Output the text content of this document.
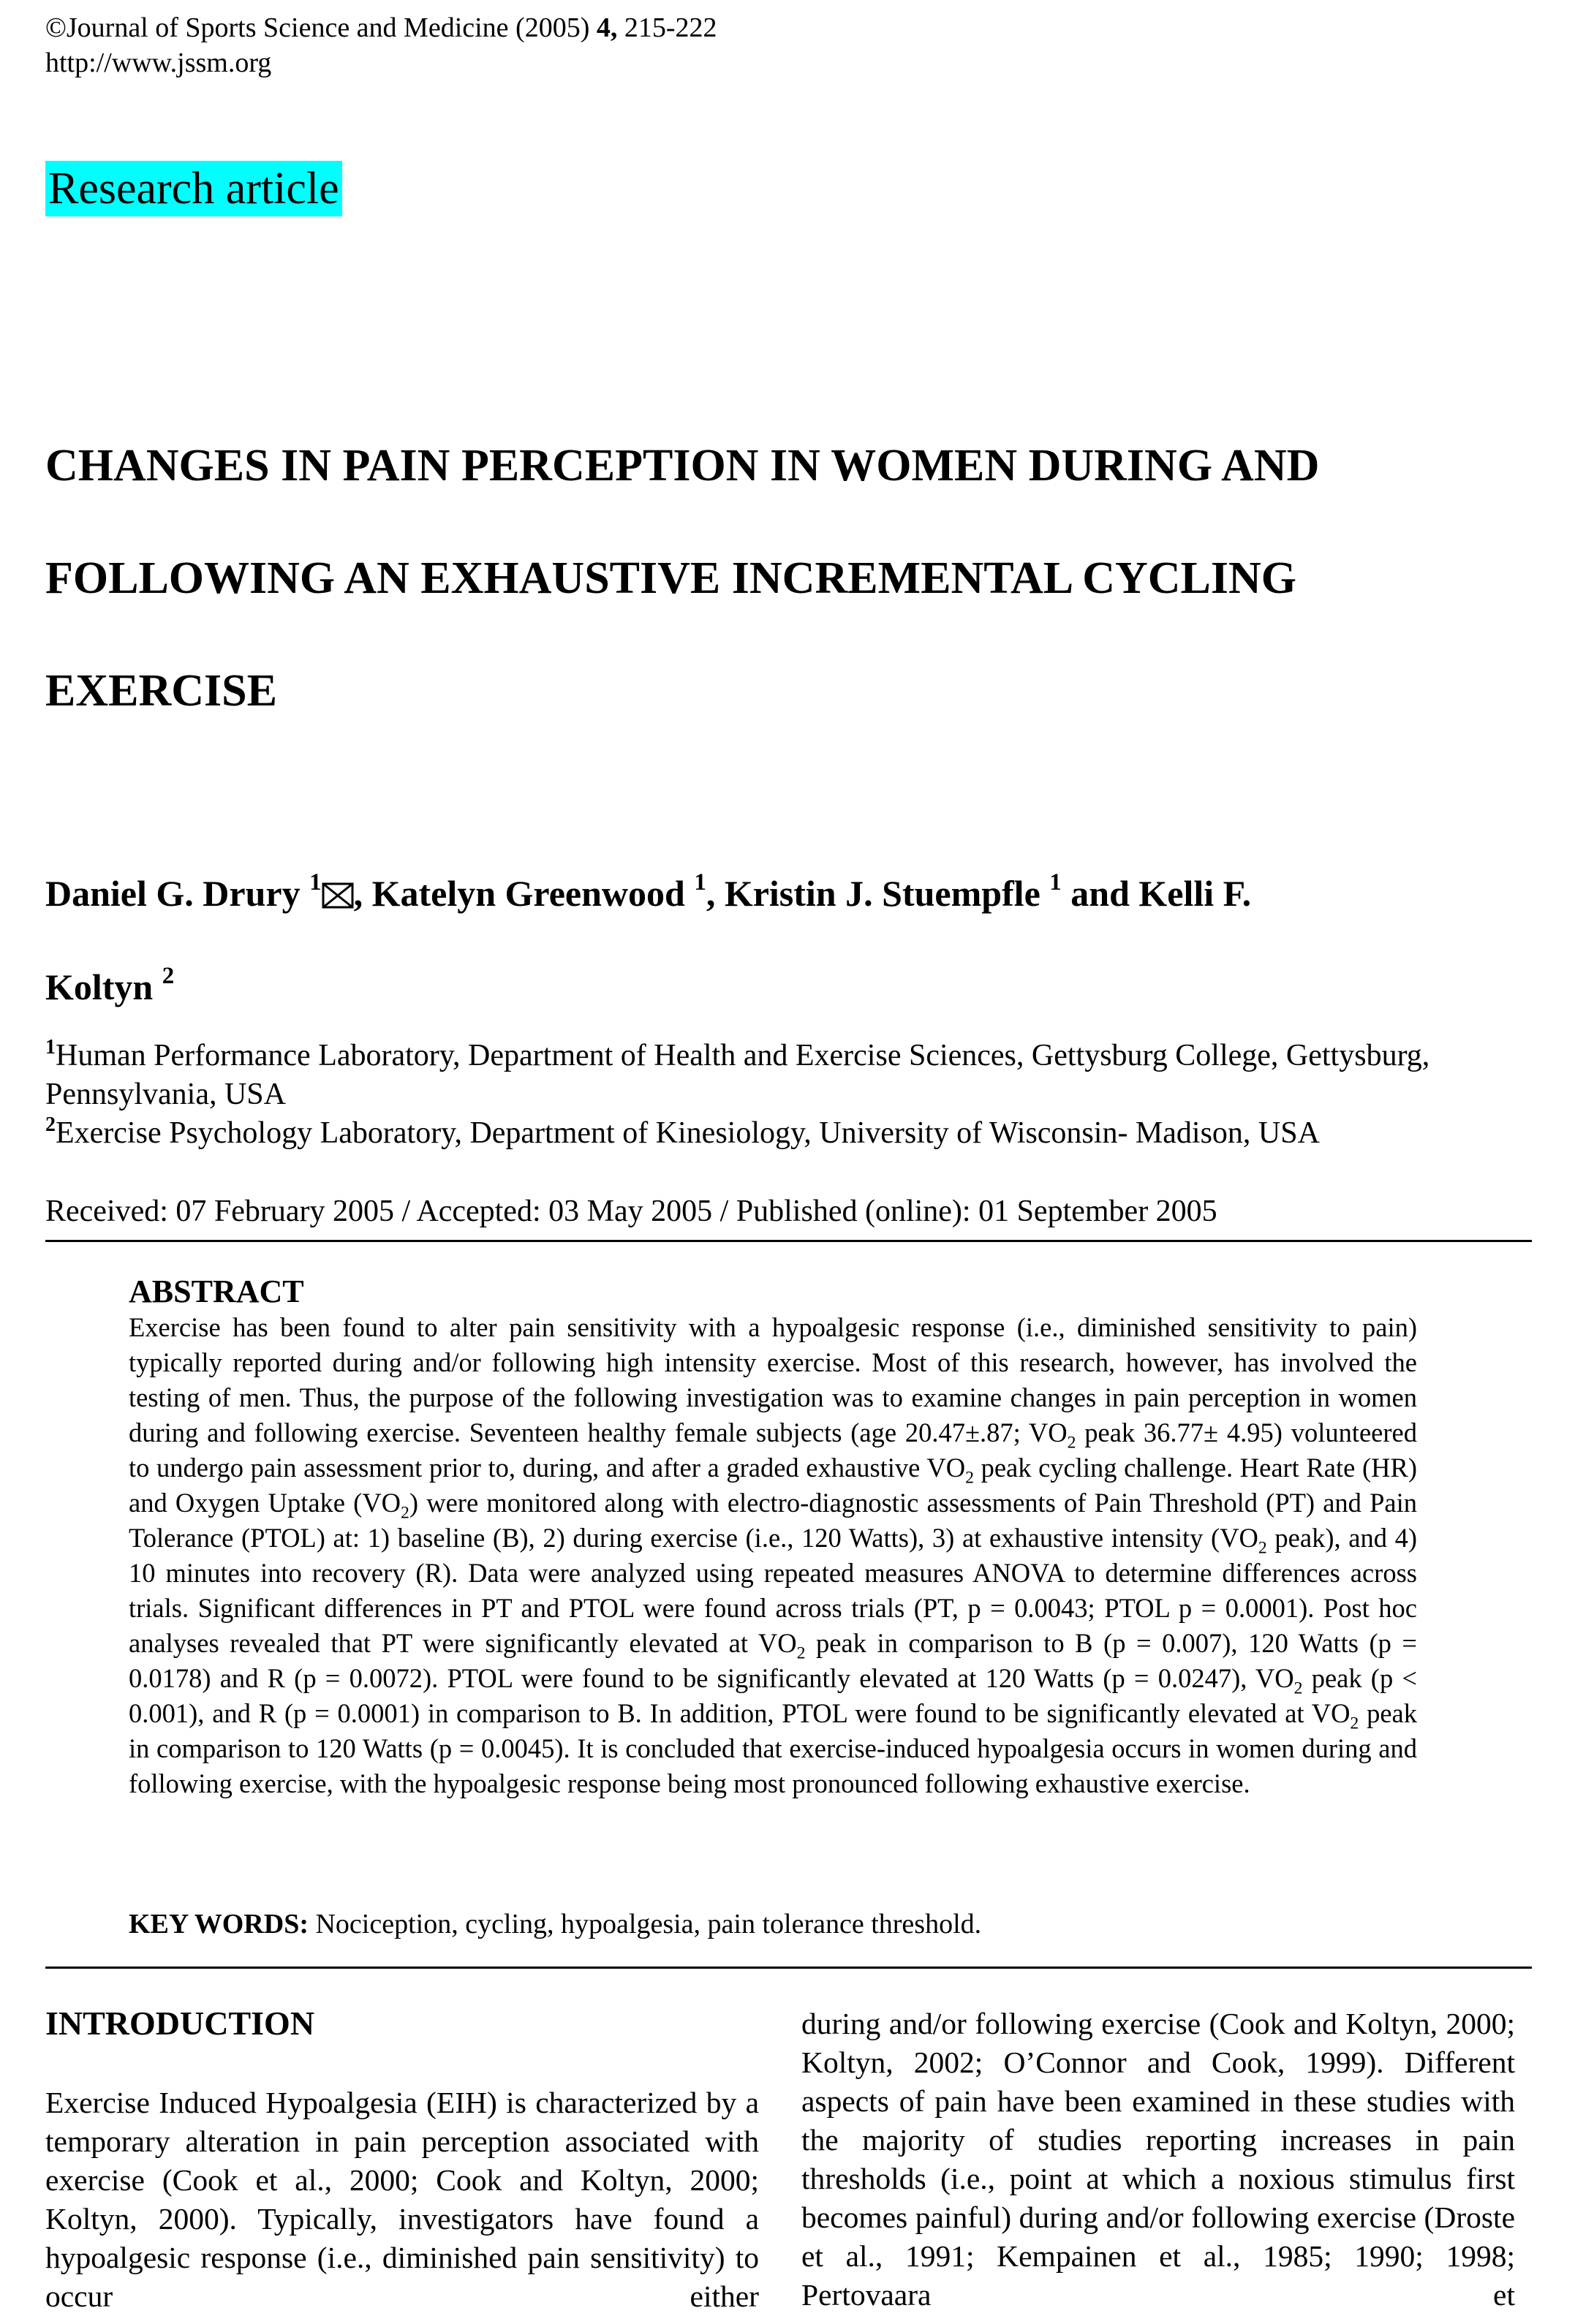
©Journal of Sports Science and Medicine (2005) 4, 215-222
http://www.jssm.org
Research article
CHANGES IN PAIN PERCEPTION IN WOMEN DURING AND
FOLLOWING AN EXHAUSTIVE INCREMENTAL CYCLING
EXERCISE
Daniel G. Drury $^1$ , Katelyn Greenwood $^1$, Kristin J. Stuempfle $^1$ and Kelli F.
Koltyn $^2$
$^1$Human Performance Laboratory, Department of Health and Exercise Sciences, Gettysburg College, Gettysburg, Pennsylvania, USA
$^2$Exercise Psychology Laboratory, Department of Kinesiology, University of Wisconsin- Madison, USA
Received: 07 February 2005 / Accepted: 03 May 2005 / Published (online): 01 September 2005
ABSTRACT
Exercise has been found to alter pain sensitivity with a hypoalgesic response (i.e., diminished sensitivity to pain) typically reported during and/or following high intensity exercise. Most of this research, however, has involved the testing of men. Thus, the purpose of the following investigation was to examine changes in pain perception in women during and following exercise. Seventeen healthy female subjects (age 20.47±.87; $VO_2$ peak 36.77± 4.95) volunteered to undergo pain assessment prior to, during, and after a graded exhaustive $VO_2$ peak cycling challenge. Heart Rate (HR) and Oxygen Uptake $(VO_2)$ were monitored along with electro-diagnostic assessments of Pain Threshold (PT) and Pain Tolerance (PTOL) at: 1) baseline (B), 2) during exercise (i.e., 120 Watts), 3) at exhaustive intensity ($VO_2$ peak), and 4) 10 minutes into recovery (R). Data were analyzed using repeated measures ANOVA to determine differences across trials. Significant differences in PT and PTOL were found across trials (PT, p = 0.0043; PTOL p = 0.0001). Post hoc analyses revealed that PT were significantly elevated at $VO_2$ peak in comparison to B (p = 0.007), 120 Watts (p = 0.0178) and R (p = 0.0072). PTOL were found to be significantly elevated at 120 Watts (p = 0.0247), $VO_2$ peak (p < 0.001), and R (p = 0.0001) in comparison to B. In addition, PTOL were found to be significantly elevated at $VO_2$ peak in comparison to 120 Watts (p = 0.0045). It is concluded that exercise-induced hypoalgesia occurs in women during and following exercise, with the hypoalgesic response being most pronounced following exhaustive exercise.
KEY WORDS: Nociception, cycling, hypoalgesia, pain tolerance threshold.
INTRODUCTION
Exercise Induced Hypoalgesia (EIH) is characterized by a temporary alteration in pain perception associated with exercise (Cook et al., 2000; Cook and Koltyn, 2000; Koltyn, 2000). Typically, investigators have found a hypoalgesic response (i.e., diminished pain sensitivity) to occur either
during and/or following exercise (Cook and Koltyn, 2000; Koltyn, 2002; O’Connor and Cook, 1999). Different aspects of pain have been examined in these studies with the majority of studies reporting increases in pain thresholds (i.e., point at which a noxious stimulus first becomes painful) during and/or following exercise (Droste et al., 1991; Kempainen et al., 1985; 1990; 1998; Pertovaara et
